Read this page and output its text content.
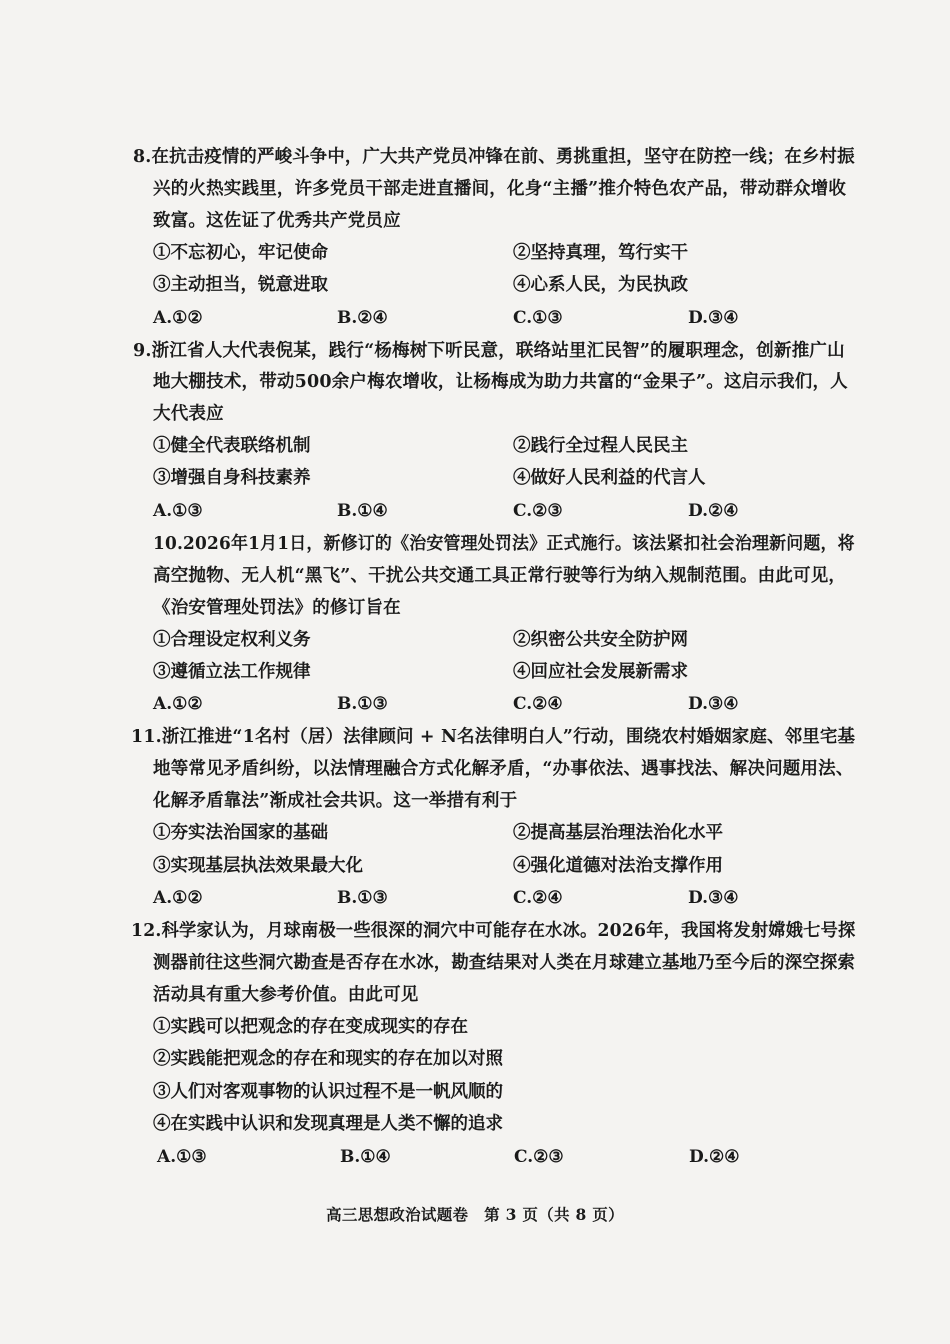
8.在抗击疫情的严峻斗争中，广大共产党员冲锋在前、勇挑重担，坚守在防控一线；在乡村振
兴的火热实践里，许多党员干部走进直播间，化身“主播”推介特色农产品，带动群众增收
致富。这佐证了优秀共产党员应
①不忘初心，牢记使命	②坚持真理，笃行实干
③主动担当，锐意进取	④心系人民，为民执政
A.①②	B.②④	C.①③	D.③④
9.浙江省人大代表倪某，践行“杨梅树下听民意，联络站里汇民智”的履职理念，创新推广山
地大棚技术，带动500余户梅农增收，让杨梅成为助力共富的“金果子”。这启示我们，人
大代表应
①健全代表联络机制	②践行全过程人民民主
③增强自身科技素养	④做好人民利益的代言人
A.①③	B.①④	C.②③	D.②④
10.2026年1月1日，新修订的《治安管理处罚法》正式施行。该法紧扣社会治理新问题，将
高空抛物、无人机“黑飞”、干扰公共交通工具正常行驶等行为纳入规制范围。由此可见，
《治安管理处罚法》的修订旨在
①合理设定权利义务	②织密公共安全防护网
③遵循立法工作规律	④回应社会发展新需求
A.①②	B.①③	C.②④	D.③④
11.浙江推进“1名村（居）法律顾问 + N名法律明白人”行动，围绕农村婚姻家庭、邻里宅基
地等常见矛盾纠纷，以法情理融合方式化解矛盾，“办事依法、遇事找法、解决问题用法、
化解矛盾靠法”渐成社会共识。这一举措有利于
①夯实法治国家的基础	②提高基层治理法治化水平
③实现基层执法效果最大化	④强化道德对法治支撑作用
A.①②	B.①③	C.②④	D.③④
12.科学家认为，月球南极一些很深的洞穴中可能存在水冰。2026年，我国将发射嫦娥七号探
测器前往这些洞穴勘查是否存在水冰，勘查结果对人类在月球建立基地乃至今后的深空探索
活动具有重大参考价值。由此可见
①实践可以把观念的存在变成现实的存在
②实践能把观念的存在和现实的存在加以对照
③人们对客观事物的认识过程不是一帆风顺的
④在实践中认识和发现真理是人类不懈的追求
A.①③	B.①④	C.②③	D.②④
高三思想政治试题卷　第 3 页（共 8 页）
